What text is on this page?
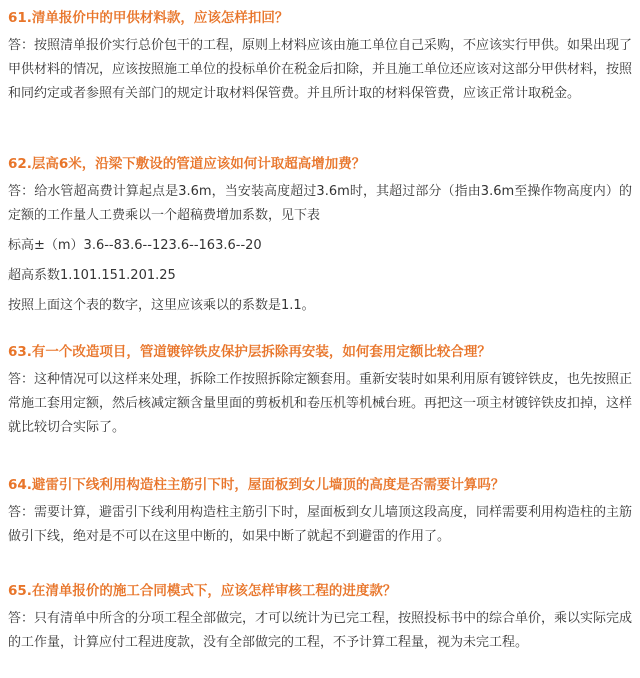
61.清单报价中的甲供材料款，应该怎样扣回？

答：按照清单报价实行总价包干的工程，原则上材料应该由施工单位自己采购，不应该实行甲供。如果出现了甲供材料的情况，应该按照施工单位的投标单价在税金后扣除，并且施工单位还应该对这部分甲供材料，按照和同约定或者参照有关部门的规定计取材料保管费。并且所计取的材料保管费，应该正常计取税金。

62.层高6米，沿梁下敷设的管道应该如何计取超高增加费？

答：给水管超高费计算起点是3.6m，当安装高度超过3.6m时，其超过部分（指由3.6m至操作物高度内）的定额的工作量人工费乘以一个超稿费增加系数，见下表

标高±（m）3.6--83.6--123.6--163.6--20

超高系数1.101.151.201.25

按照上面这个表的数字，这里应该乘以的系数是1.1。

63.有一个改造项目，管道镀锌铁皮保护层拆除再安装，如何套用定额比较合理？

答：这种情况可以这样来处理，拆除工作按照拆除定额套用。重新安装时如果利用原有镀锌铁皮，也先按照正常施工套用定额，然后核减定额含量里面的剪板机和卷压机等机械台班。再把这一项主材镀锌铁皮扣掉，这样就比较切合实际了。

64.避雷引下线利用构造柱主筋引下时，屋面板到女儿墙顶的高度是否需要计算吗？

答：需要计算，避雷引下线利用构造柱主筋引下时，屋面板到女儿墙顶这段高度，同样需要利用构造柱的主筋做引下线，绝对是不可以在这里中断的，如果中断了就起不到避雷的作用了。

65.在清单报价的施工合同模式下，应该怎样审核工程的进度款？

答：只有清单中所含的分项工程全部做完，才可以统计为已完工程，按照投标书中的综合单价，乘以实际完成的工作量，计算应付工程进度款，没有全部做完的工程，不予计算工程量，视为未完工程。
